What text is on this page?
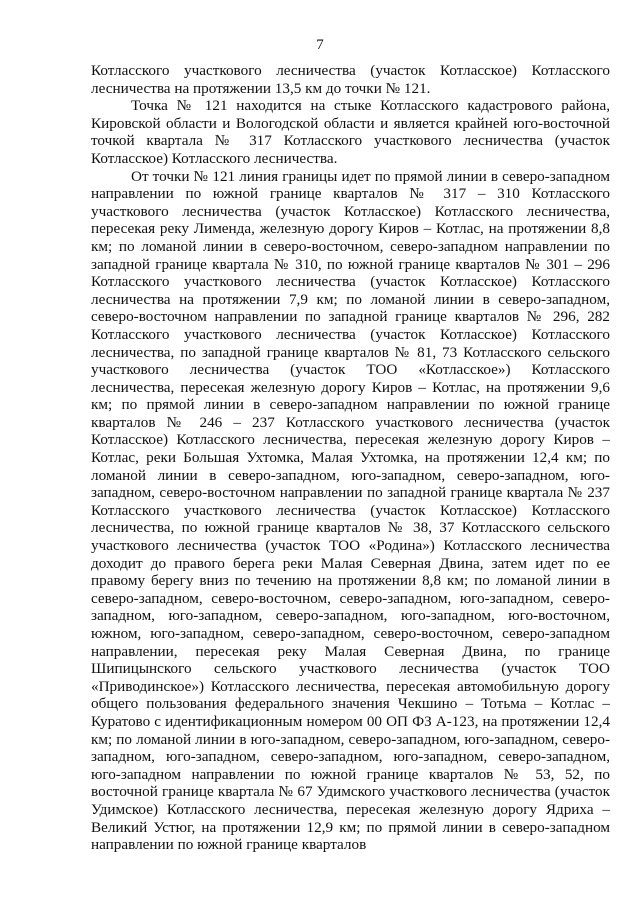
7

Котласского участкового лесничества (участок Котласское) Котласского лесничества на протяжении 13,5 км до точки № 121.

Точка № 121 находится на стыке Котласского кадастрового района, Кировской области и Вологодской области и является крайней юго-восточной точкой квартала № 317 Котласского участкового лесничества (участок Котласское) Котласского лесничества.

От точки № 121 линия границы идет по прямой линии в северо-западном направлении по южной границе кварталов № 317 – 310 Котласского участкового лесничества (участок Котласское) Котласского лесничества, пересекая реку Лименда, железную дорогу Киров – Котлас, на протяжении 8,8 км; по ломаной линии в северо-восточном, северо-западном направлении по западной границе квартала № 310, по южной границе кварталов № 301 – 296 Котласского участкового лесничества (участок Котласское) Котласского лесничества на протяжении 7,9 км; по ломаной линии в северо-западном, северо-восточном направлении по западной границе кварталов № 296, 282 Котласского участкового лесничества (участок Котласское) Котласского лесничества, по западной границе кварталов № 81, 73 Котласского сельского участкового лесничества (участок ТОО «Котласское») Котласского лесничества, пересекая железную дорогу Киров – Котлас, на протяжении 9,6 км; по прямой линии в северо-западном направлении по южной границе кварталов № 246 – 237 Котласского участкового лесничества (участок Котласское) Котласского лесничества, пересекая железную дорогу Киров – Котлас, реки Большая Ухтомка, Малая Ухтомка, на протяжении 12,4 км; по ломаной линии в северо-западном, юго-западном, северо-западном, юго-западном, северо-восточном направлении по западной границе квартала № 237 Котласского участкового лесничества (участок Котласское) Котласского лесничества, по южной границе кварталов № 38, 37 Котласского сельского участкового лесничества (участок ТОО «Родина») Котласского лесничества доходит до правого берега реки Малая Северная Двина, затем идет по ее правому берегу вниз по течению на протяжении 8,8 км; по ломаной линии в северо-западном, северо-восточном, северо-западном, юго-западном, северо-западном, юго-западном, северо-западном, юго-западном, юго-восточном, южном, юго-западном, северо-западном, северо-восточном, северо-западном направлении, пересекая реку Малая Северная Двина, по границе Шипицынского сельского участкового лесничества (участок ТОО «Приводинское») Котласского лесничества, пересекая автомобильную дорогу общего пользования федерального значения Чекшино – Тотьма – Котлас – Куратово с идентификационным номером 00 ОП ФЗ А-123, на протяжении 12,4 км; по ломаной линии в юго-западном, северо-западном, юго-западном, северо-западном, юго-западном, северо-западном, юго-западном, северо-западном, юго-западном направлении по южной границе кварталов № 53, 52, по восточной границе квартала № 67 Удимского участкового лесничества (участок Удимское) Котласского лесничества, пересекая железную дорогу Ядриха – Великий Устюг, на протяжении 12,9 км; по прямой линии в северо-западном направлении по южной границе кварталов
